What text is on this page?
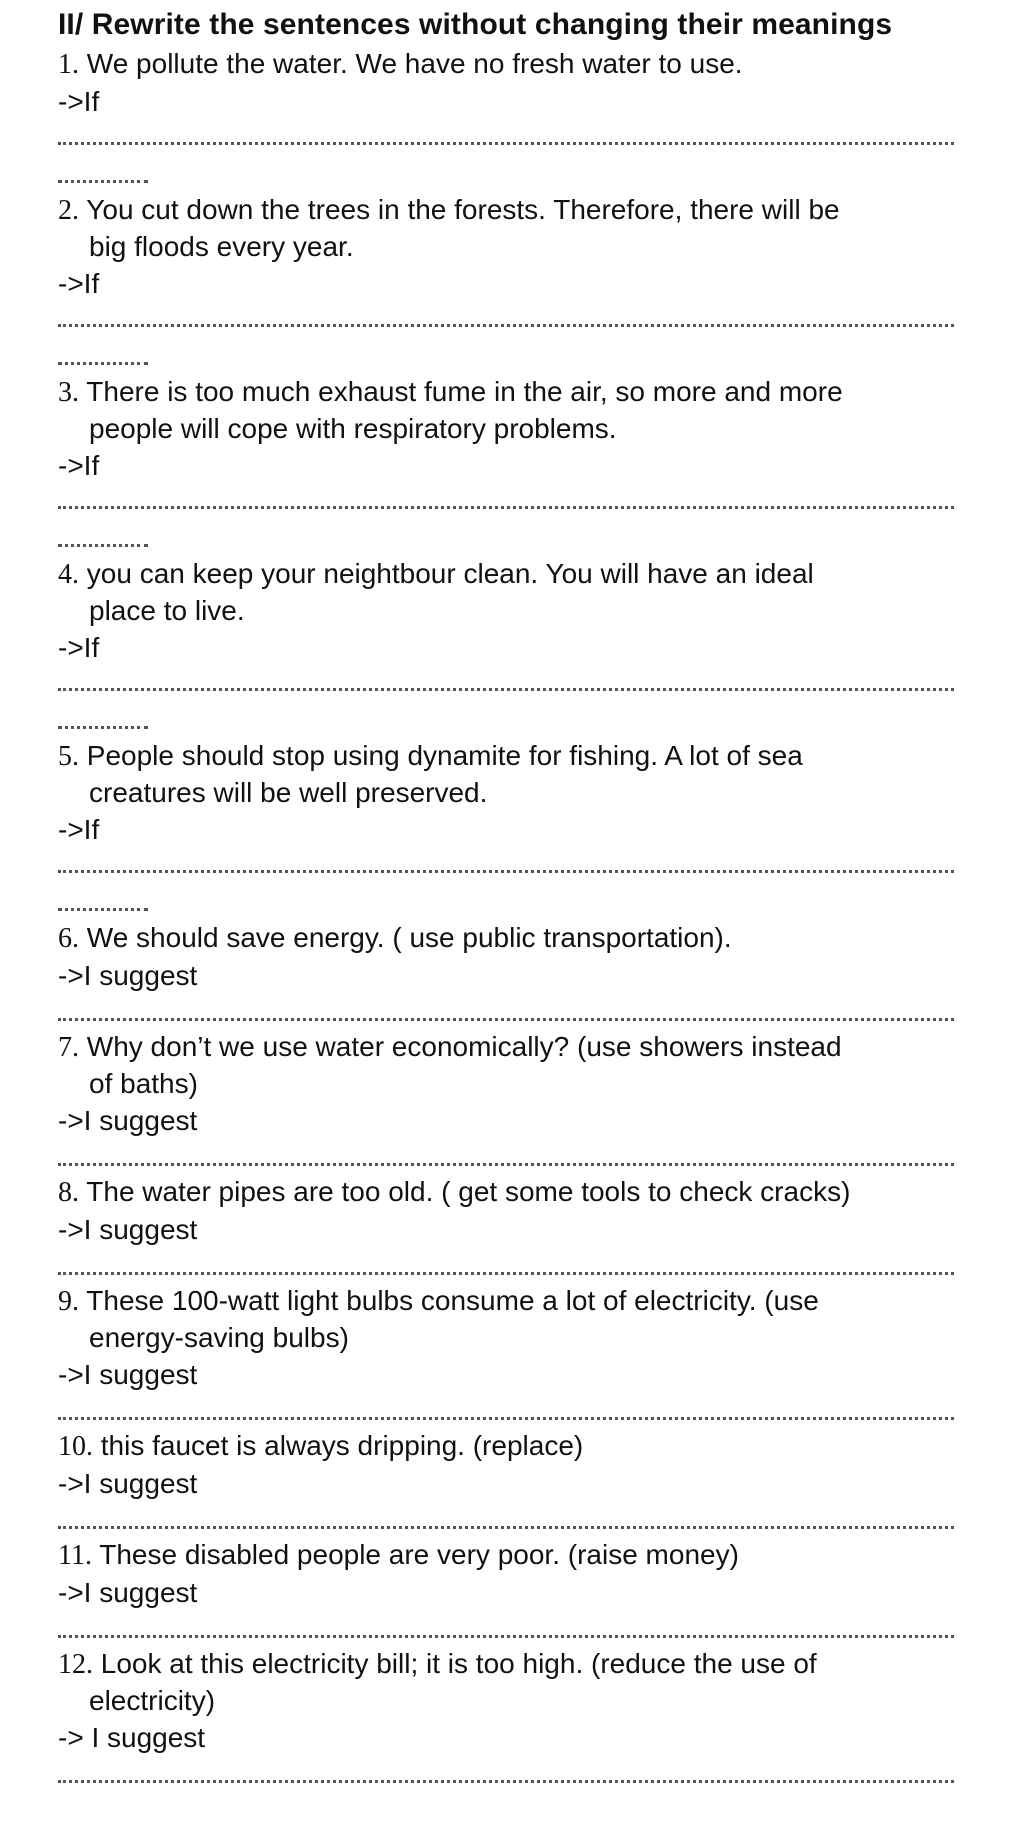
II/ Rewrite the sentences without changing their meanings
1. We pollute the water. We have no fresh water to use.
->If
2. You cut down the trees in the forests. Therefore, there will be
big floods every year.
->If
3. There is too much exhaust fume in the air, so more and more
people will cope with respiratory problems.
->If
4. you can keep your neightbour clean. You will have an ideal
place to live.
->If
5. People should stop using dynamite for fishing. A lot of sea
creatures will be well preserved.
->If
6. We should save energy. ( use public transportation).
->I suggest
7. Why don’t we use water economically? (use showers instead
of baths)
->I suggest
8. The water pipes are too old. ( get some tools to check cracks)
->I suggest
9. These 100-watt light bulbs consume a lot of electricity. (use
energy-saving bulbs)
->I suggest
10. this faucet is always dripping. (replace)
->I suggest
11. These disabled people are very poor. (raise money)
->I suggest
12. Look at this electricity bill; it is too high. (reduce the use of
electricity)
-> I suggest
